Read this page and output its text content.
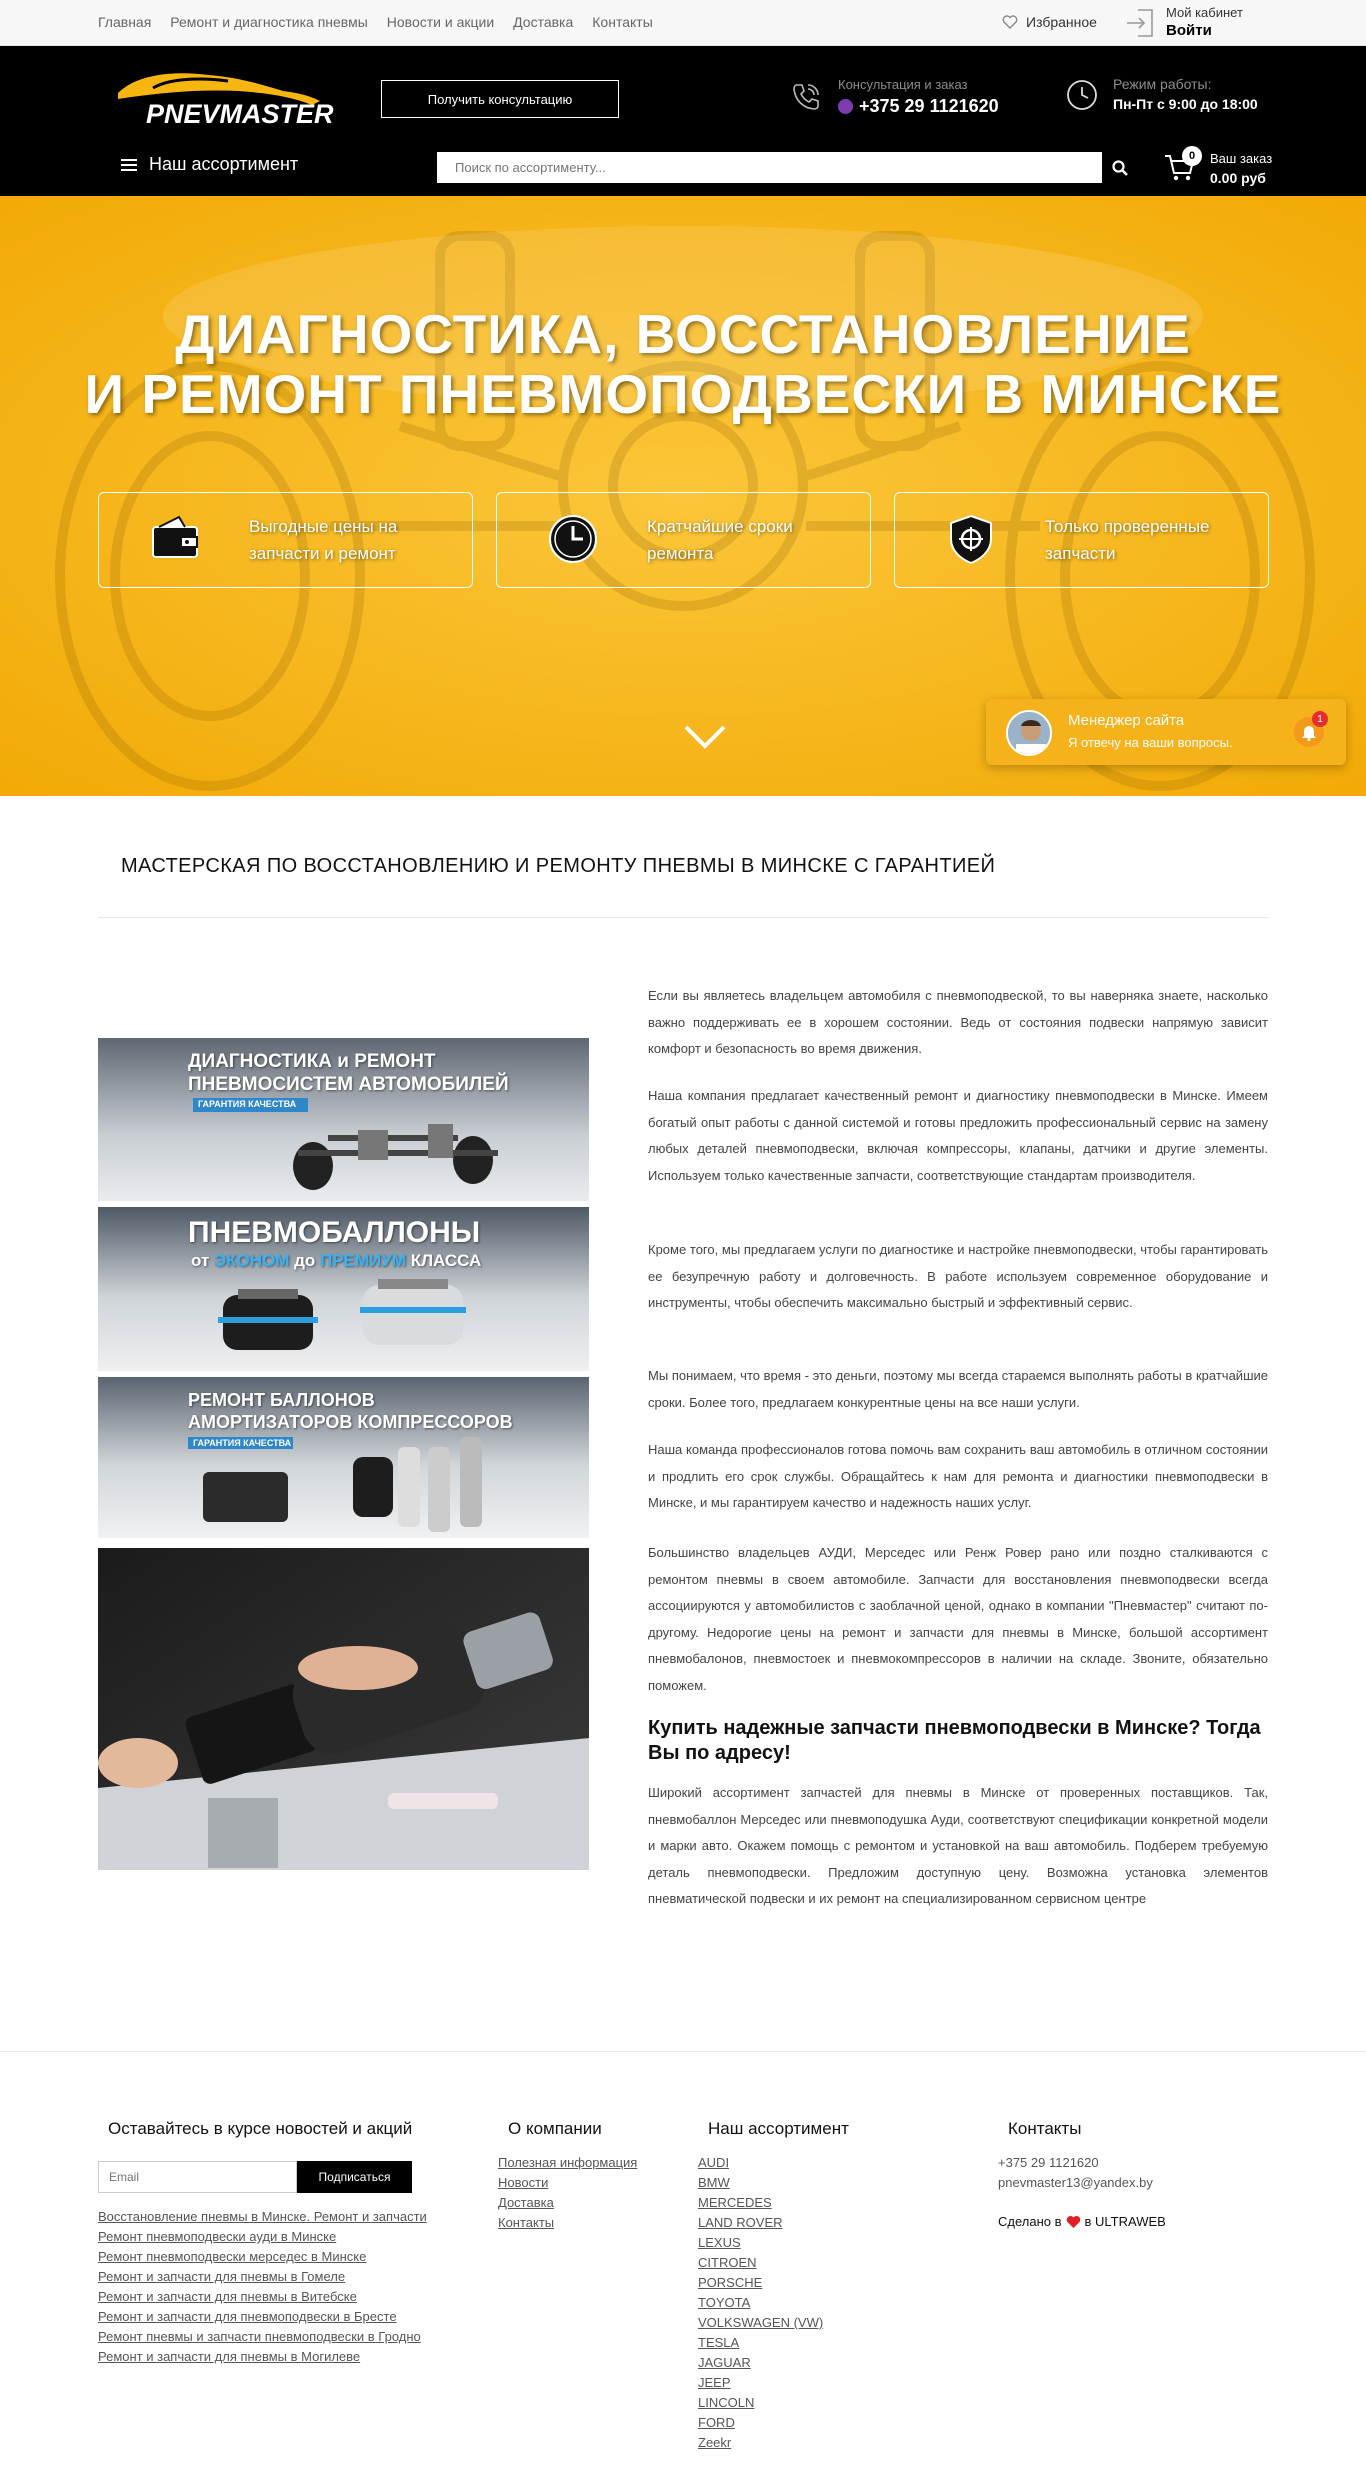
Главная Ремонт и диагностика пневмы Новости и акции Доставка Контакты	Избранное
Мой кабинет
Войти
PNEVMASTER	Получить консультацию
Консультация и заказ
+375 29 1121620
Режим работы:
Пн-Пт с 9:00 до 18:00
Наш ассортимент
Поиск по ассортименту...	0	Ваш заказ
0.00 руб
ДИАГНОСТИКА, ВОССТАНОВЛЕНИЕ
И РЕМОНТ ПНЕВМОПОДВЕСКИ В МИНСКЕ
Выгодные цены на
запчасти и ремонт
Кратчайшие сроки
ремонта
Только проверенные
запчасти
Менеджер сайта
Я отвечу на ваши вопросы.
1
МАСТЕРСКАЯ ПО ВОССТАНОВЛЕНИЮ И РЕМОНТУ ПНЕВМЫ В МИНСКЕ С ГАРАНТИЕЙ
ДИАГНОСТИКА и РЕМОНТ
ПНЕВМОСИСТЕМ АВТОМОБИЛЕЙ
ГАРАНТИЯ КАЧЕСТВА
ПНЕВМОБАЛЛОНЫ
от ЭКОНОМ до ПРЕМИУМ КЛАССА
РЕМОНТ БАЛЛОНОВ
АМОРТИЗАТОРОВ КОМПРЕССОРОВ
ГАРАНТИЯ КАЧЕСТВА
Если вы являетесь владельцем автомобиля с пневмоподвеской, то вы наверняка знаете, насколько важно поддерживать ее в хорошем состоянии. Ведь от состояния подвески напрямую зависит комфорт и безопасность во время движения.
Наша компания предлагает качественный ремонт и диагностику пневмоподвески в Минске. Имеем богатый опыт работы с данной системой и готовы предложить профессиональный сервис на замену любых деталей пневмоподвески, включая компрессоры, клапаны, датчики и другие элементы. Используем только качественные запчасти, соответствующие стандартам производителя.
Кроме того, мы предлагаем услуги по диагностике и настройке пневмоподвески, чтобы гарантировать ее безупречную работу и долговечность. В работе используем современное оборудование и инструменты, чтобы обеспечить максимально быстрый и эффективный сервис.
Мы понимаем, что время - это деньги, поэтому мы всегда стараемся выполнять работы в кратчайшие сроки. Более того, предлагаем конкурентные цены на все наши услуги.
Наша команда профессионалов готова помочь вам сохранить ваш автомобиль в отличном состоянии и продлить его срок службы. Обращайтесь к нам для ремонта и диагностики пневмоподвески в Минске, и мы гарантируем качество и надежность наших услуг.
Большинство владельцев АУДИ, Мерседес или Ренж Ровер рано или поздно сталкиваются с ремонтом пневмы в своем автомобиле. Запчасти для восстановления пневмоподвески всегда ассоциируются у автомобилистов с заоблачной ценой, однако в компании "Пневмастер" считают по-другому. Недорогие цены на ремонт и запчасти для пневмы в Минске, большой ассортимент пневмобалонов, пневмостоек и пневмокомпрессоров в наличии на складе. Звоните, обязательно поможем.
Купить надежные запчасти пневмоподвески в Минске? Тогда Вы по адресу!
Широкий ассортимент запчастей для пневмы в Минске от проверенных поставщиков. Так, пневмобаллон Мерседес или пневмоподушка Ауди, соответствуют спецификации конкретной модели и марки авто. Окажем помощь с ремонтом и установкой на ваш автомобиль. Подберем требуемую деталь пневмоподвески. Предложим доступную цену. Возможна установка элементов пневматической подвески и их ремонт на специализированном сервисном центре
Оставайтесь в курсе новостей и акций
Email
Подписаться
Восстановление пневмы в Минске. Ремонт и запчасти
Ремонт пневмоподвески ауди в Минске
Ремонт пневмоподвески мерседес в Минске
Ремонт и запчасти для пневмы в Гомеле
Ремонт и запчасти для пневмы в Витебске
Ремонт и запчасти для пневмоподвески в Бресте
Ремонт пневмы и запчасти пневмоподвески в Гродно
Ремонт и запчасти для пневмы в Могилеве
О компании
Полезная информация
Новости
Доставка
Контакты
Наш ассортимент
AUDI
BMW
MERCEDES
LAND ROVER
LEXUS
CITROEN
PORSCHE
TOYOTA
VOLKSWAGEN (VW)
TESLA
JAGUAR
JEEP
LINCOLN
FORD
Zeekr
Контакты
+375 29 1121620
pnevmaster13@yandex.by
Сделано в в ULTRAWEB
